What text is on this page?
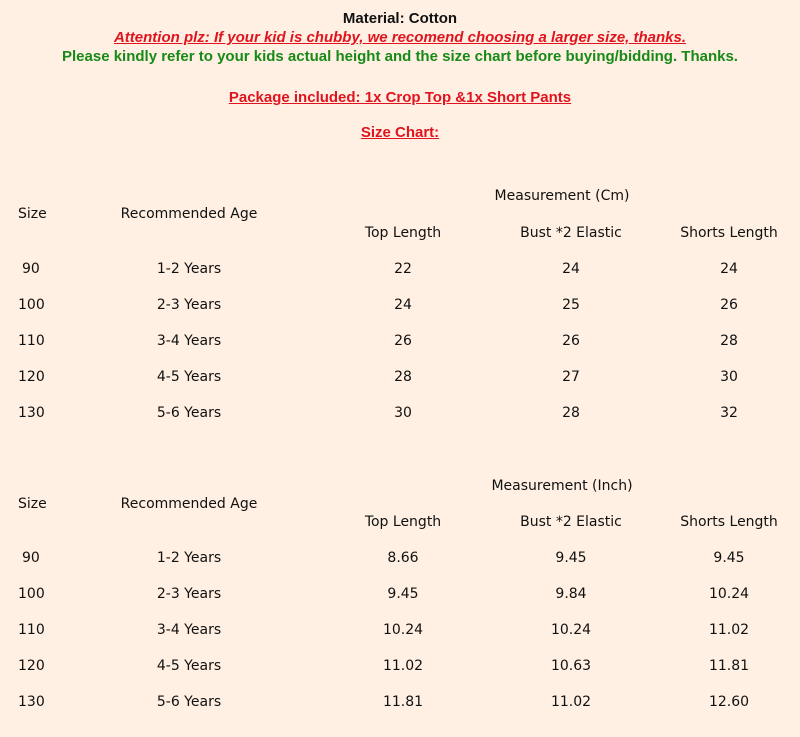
Material: Cotton
Attention plz: If your kid is chubby, we recomend choosing a larger size, thanks.
Please kindly refer to your kids actual height and the size chart before buying/bidding. Thanks.
Package included: 1x Crop Top &1x Short Pants
Size Chart:
Measurement (Cm)
Size	Recommended Age
Top Length	Bust *2 Elastic	Shorts Length
90	1-2 Years	22	24	24
100	2-3 Years	24	25	26
110	3-4 Years	26	26	28
120	4-5 Years	28	27	30
130	5-6 Years	30	28	32
Measurement (Inch)
Size	Recommended Age
Top Length	Bust *2 Elastic	Shorts Length
90	1-2 Years	8.66	9.45	9.45
100	2-3 Years	9.45	9.84	10.24
110	3-4 Years	10.24	10.24	11.02
120	4-5 Years	11.02	10.63	11.81
130	5-6 Years	11.81	11.02	12.60
